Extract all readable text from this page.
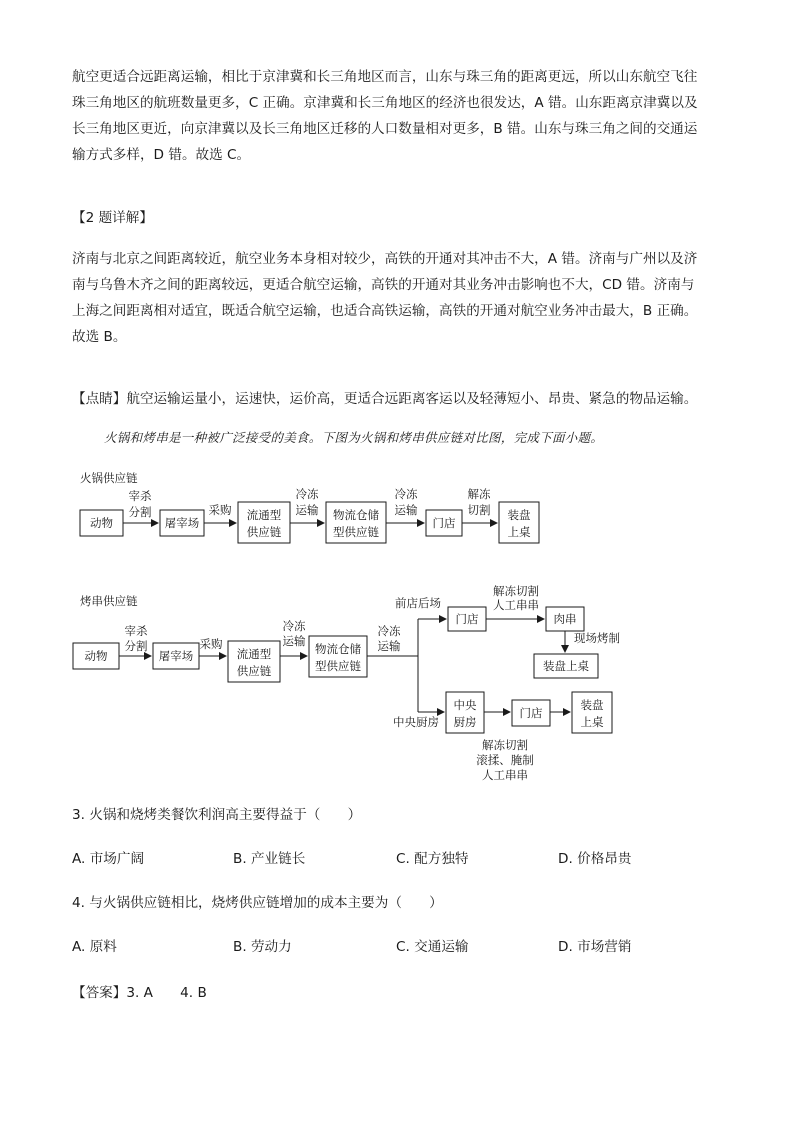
航空更适合远距离运输，相比于京津冀和长三角地区而言，山东与珠三角的距离更远，所以山东航空飞往
珠三角地区的航班数量更多，C 正确。京津冀和长三角地区的经济也很发达，A 错。山东距离京津冀以及
长三角地区更近，向京津冀以及长三角地区迁移的人口数量相对更多，B 错。山东与珠三角之间的交通运
输方式多样，D 错。故选 C。
【2 题详解】
济南与北京之间距离较近，航空业务本身相对较少，高铁的开通对其冲击不大，A 错。济南与广州以及济
南与乌鲁木齐之间的距离较远，更适合航空运输，高铁的开通对其业务冲击影响也不大，CD 错。济南与
上海之间距离相对适宜，既适合航空运输，也适合高铁运输，高铁的开通对航空业务冲击最大，B 正确。
故选 B。
【点睛】航空运输运量小，运速快，运价高，更适合远距离客运以及轻薄短小、昂贵、紧急的物品运输。
火锅和烤串是一种被广泛接受的美食。下图为火锅和烤串供应链对比图，完成下面小题。
火锅供应链
动物	屠宰场
流通型
供应链
物流仓储
型供应链
门店
装盘
上桌
宰杀
分割	采购
冷冻
运输
冷冻
运输
解冻
切割
烤串供应链
动物	屠宰场	流通型
供应链
物流仓储
型供应链
门店	肉串
装盘上桌
中央
厨房
门店
装盘
上桌
宰杀
分割	采购
冷冻
运输
冷冻
运输
前店后场
解冻切割
人工串串
现场烤制
中央厨房
解冻切割
滚揉、腌制
人工串串
3. 火锅和烧烤类餐饮利润高主要得益于（　　）
A. 市场广阔	B. 产业链长	C. 配方独特	D. 价格昂贵
4. 与火锅供应链相比，烧烤供应链增加的成本主要为（　　）
A. 原料	B. 劳动力	C. 交通运输	D. 市场营销
【答案】3. A　　4. B
